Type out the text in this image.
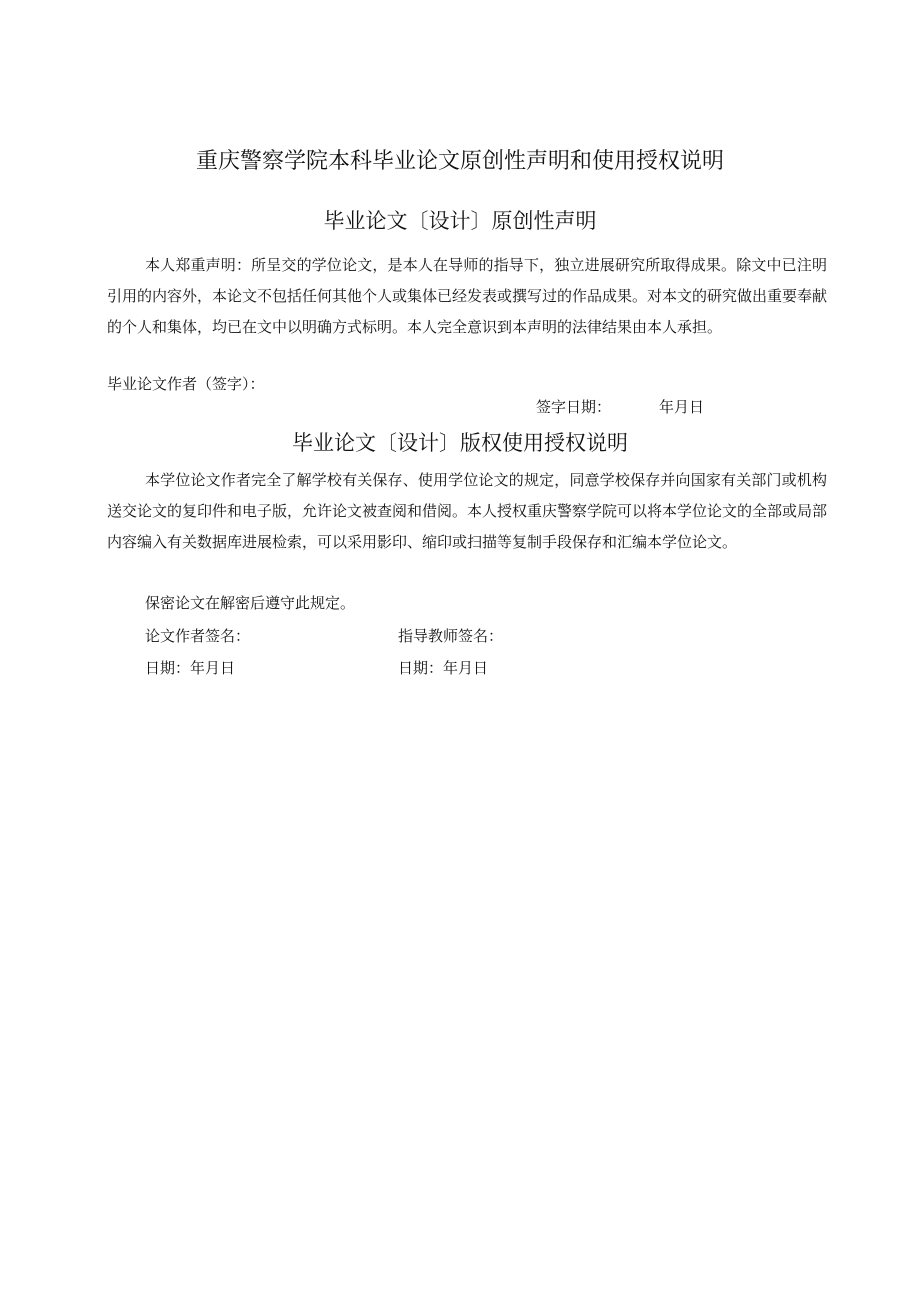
重庆警察学院本科毕业论文原创性声明和使用授权说明
毕业论文〔设计〕原创性声明

本人郑重声明：所呈交的学位论文，是本人在导师的指导下，独立进展研究所取得成果。除文中已注明引用的内容外，本论文不包括任何其他个人或集体已经发表或撰写过的作品成果。对本文的研究做出重要奉献的个人和集体，均已在文中以明确方式标明。本人完全意识到本声明的法律结果由本人承担。

毕业论文作者（签字）：
签字日期：	年月日
毕业论文〔设计〕版权使用授权说明

本学位论文作者完全了解学校有关保存、使用学位论文的规定，同意学校保存并向国家有关部门或机构送交论文的复印件和电子版，允许论文被查阅和借阅。本人授权重庆警察学院可以将本学位论文的全部或局部内容编入有关数据库进展检索，可以采用影印、缩印或扫描等复制手段保存和汇编本学位论文。

保密论文在解密后遵守此规定。
论文作者签名：	指导教师签名：
日期：年月日	日期：年月日
